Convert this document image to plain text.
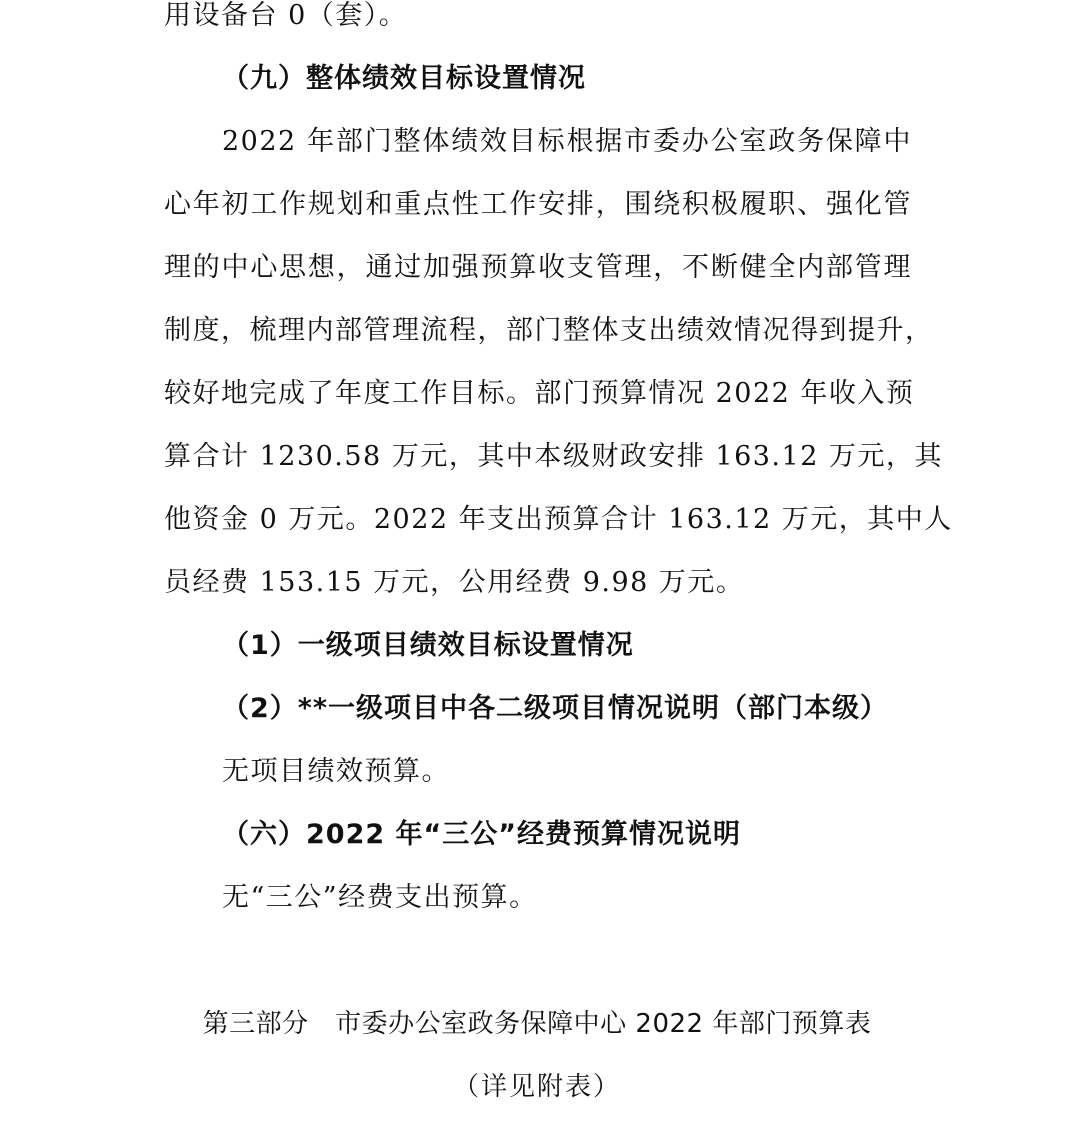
用设备台 0（套）。
（九）整体绩效目标设置情况
2022 年部门整体绩效目标根据市委办公室政务保障中
心年初工作规划和重点性工作安排，围绕积极履职、强化管
理的中心思想，通过加强预算收支管理，不断健全内部管理
制度，梳理内部管理流程，部门整体支出绩效情况得到提升，
较好地完成了年度工作目标。部门预算情况 2022 年收入预
算合计 1230.58 万元，其中本级财政安排 163.12 万元，其
他资金 0 万元。2022 年支出预算合计 163.12 万元，其中人
员经费 153.15 万元，公用经费 9.98 万元。
（1）一级项目绩效目标设置情况
（2）**一级项目中各二级项目情况说明（部门本级）
无项目绩效预算。
（六）2022 年“三公”经费预算情况说明
无“三公”经费支出预算。
第三部分　市委办公室政务保障中心 2022 年部门预算表
（详见附表）
